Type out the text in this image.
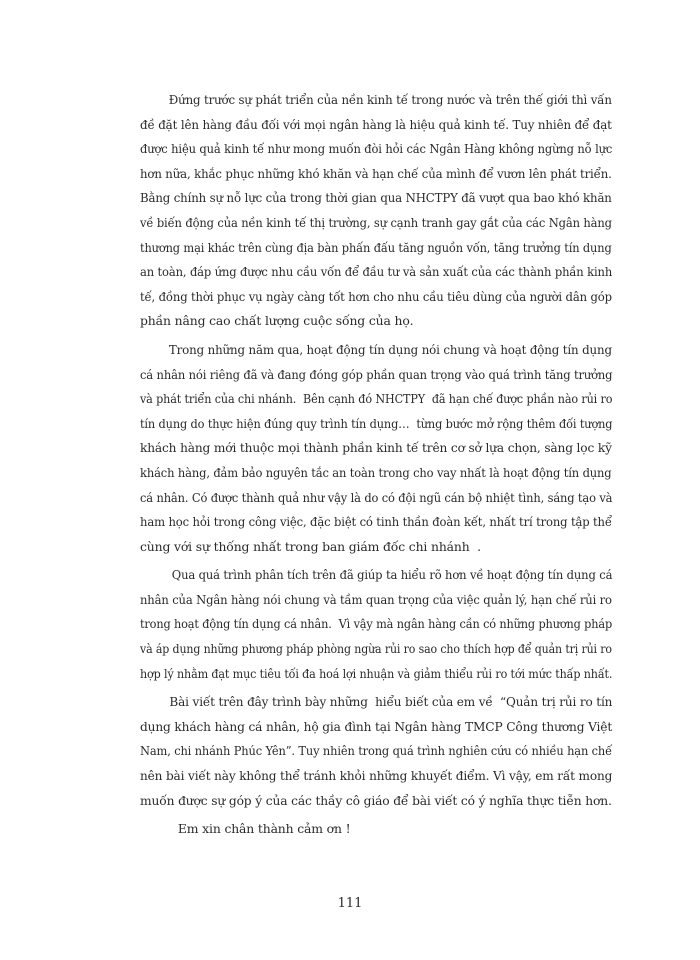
Đứng trước sự phát triển của nền kinh tế trong nước và trên thế giới thì vấn
đề đặt lên hàng đầu đối với mọi ngân hàng là hiệu quả kinh tế. Tuy nhiên để đạt
được hiệu quả kinh tế như mong muốn đòi hỏi các Ngân Hàng không ngừng nỗ lực
hơn nữa, khắc phục những khó khăn và hạn chế của mình để vươn lên phát triển.
Bằng chính sự nỗ lực của trong thời gian qua NHCTPY đã vượt qua bao khó khăn
về biến động của nền kinh tế thị trường, sự cạnh tranh gay gắt của các Ngân hàng
thương mại khác trên cùng địa bàn phấn đấu tăng nguồn vốn, tăng trưởng tín dụng
an toàn, đáp ứng được nhu cầu vốn để đầu tư và sản xuất của các thành phần kinh
tế, đồng thời phục vụ ngày càng tốt hơn cho nhu cầu tiêu dùng của người dân góp
phần nâng cao chất lượng cuộc sống của họ.
Trong những năm qua, hoạt động tín dụng nói chung và hoạt động tín dụng
cá nhân nói riêng đã và đang đóng góp phần quan trọng vào quá trình tăng trưởng
và phát triển của chi nhánh.  Bên cạnh đó NHCTPY  đã hạn chế được phần nào rủi ro
tín dụng do thực hiện đúng quy trình tín dụng…  từng bước mở rộng thêm đối tượng
khách hàng mới thuộc mọi thành phần kinh tế trên cơ sở lựa chọn, sàng lọc kỹ
khách hàng, đảm bảo nguyên tắc an toàn trong cho vay nhất là hoạt động tín dụng
cá nhân. Có được thành quả như vậy là do có đội ngũ cán bộ nhiệt tình, sáng tạo và
ham học hỏi trong công việc, đặc biệt có tinh thần đoàn kết, nhất trí trong tập thể
cùng với sự thống nhất trong ban giám đốc chi nhánh  .
Qua quá trình phân tích trên đã giúp ta hiểu rõ hơn về hoạt động tín dụng cá
nhân của Ngân hàng nói chung và tầm quan trọng của việc quản lý, hạn chế rủi ro
trong hoạt động tín dụng cá nhân.  Vì vậy mà ngân hàng cần có những phương pháp
và áp dụng những phương pháp phòng ngừa rủi ro sao cho thích hợp để quản trị rủi ro
hợp lý nhằm đạt mục tiêu tối đa hoá lợi nhuận và giảm thiểu rủi ro tới mức thấp nhất.
Bài viết trên đây trình bày những  hiểu biết của em về  “Quản trị rủi ro tín
dụng khách hàng cá nhân, hộ gia đình tại Ngân hàng TMCP Công thương Việt
Nam, chi nhánh Phúc Yên”. Tuy nhiên trong quá trình nghiên cứu có nhiều hạn chế
nên bài viết này không thể tránh khỏi những khuyết điểm. Vì vậy, em rất mong
muốn được sự góp ý của các thầy cô giáo để bài viết có ý nghĩa thực tiễn hơn.
Em xin chân thành cảm ơn !
111
